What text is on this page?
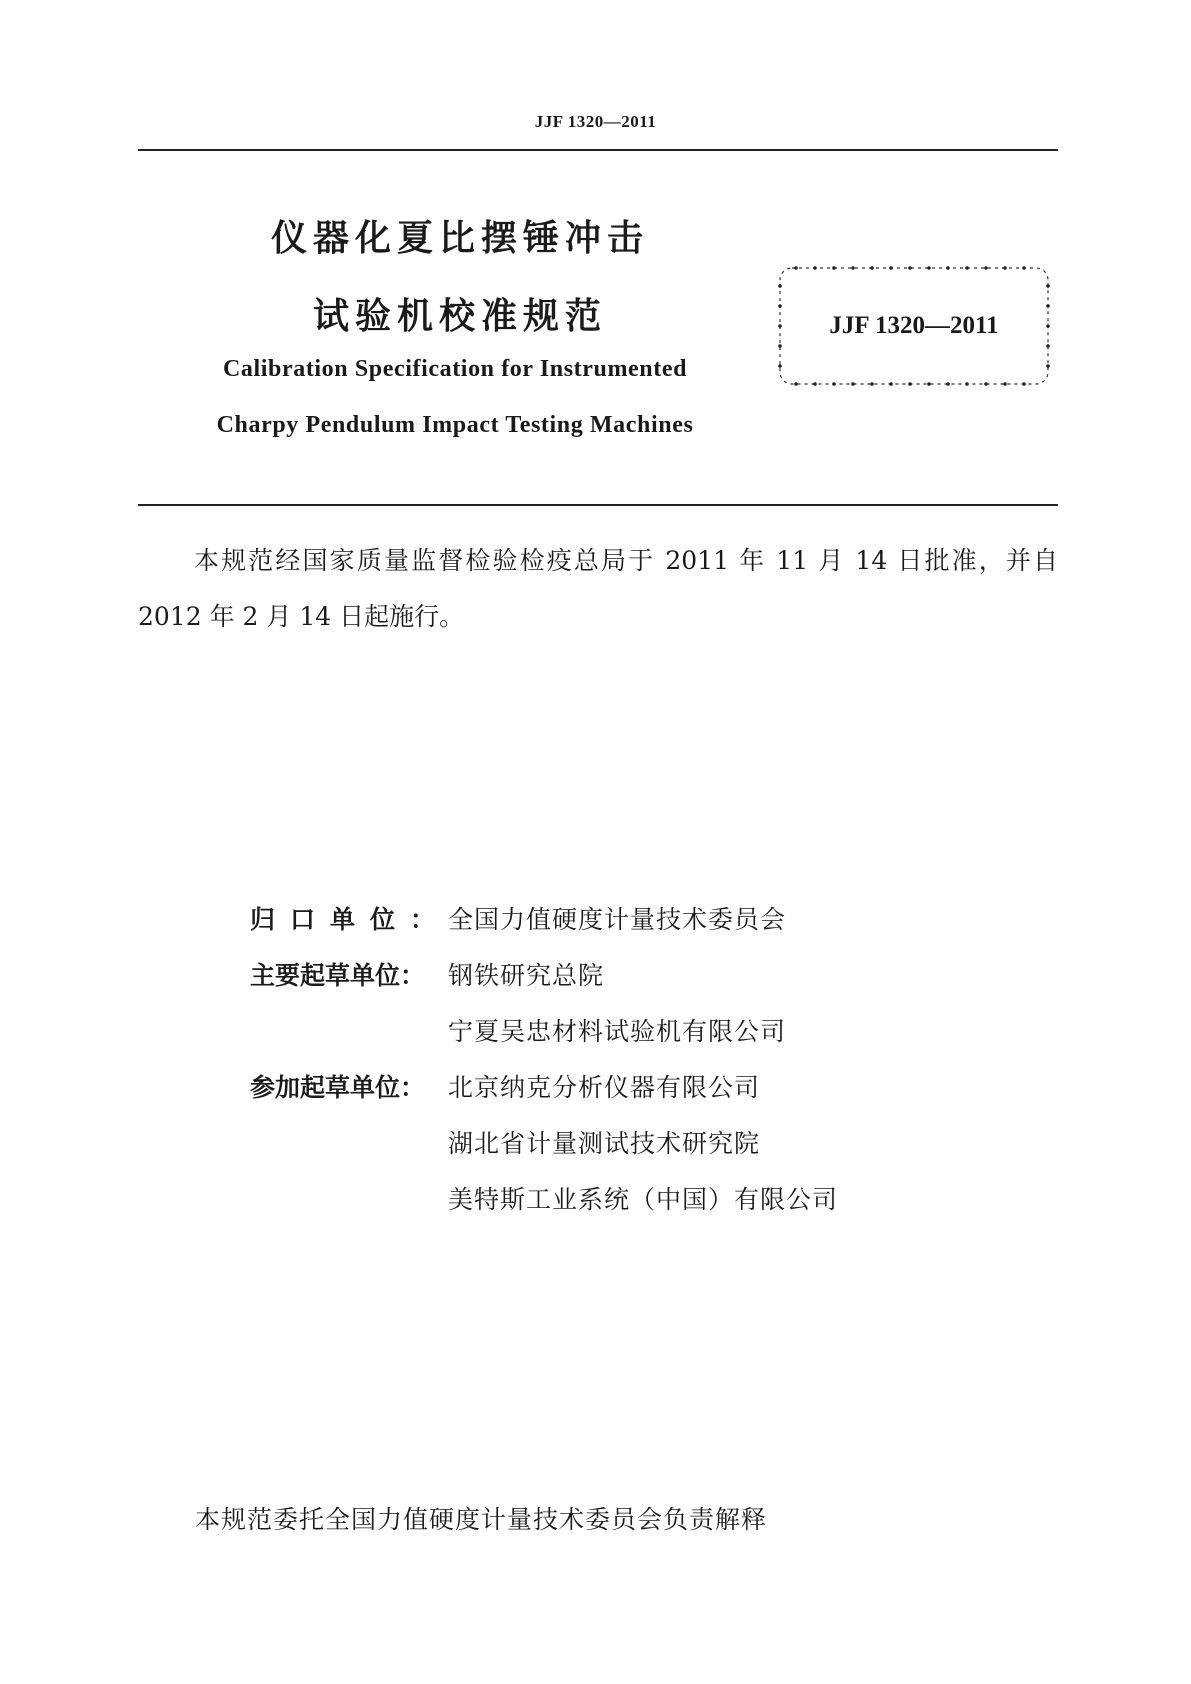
JJF 1320—2011
仪器化夏比摆锤冲击
试验机校准规范
Calibration Specification for Instrumented
Charpy Pendulum Impact Testing Machines
JJF 1320—2011
本规范经国家质量监督检验检疫总局于 2011 年 11 月 14 日批准，并自 2012 年 2 月 14 日起施行。
归口单位：
全国力值硬度计量技术委员会
主要起草单位： 钢铁研究总院
宁夏吴忠材料试验机有限公司
参加起草单位： 北京纳克分析仪器有限公司
湖北省计量测试技术研究院
美特斯工业系统（中国）有限公司
本规范委托全国力值硬度计量技术委员会负责解释
